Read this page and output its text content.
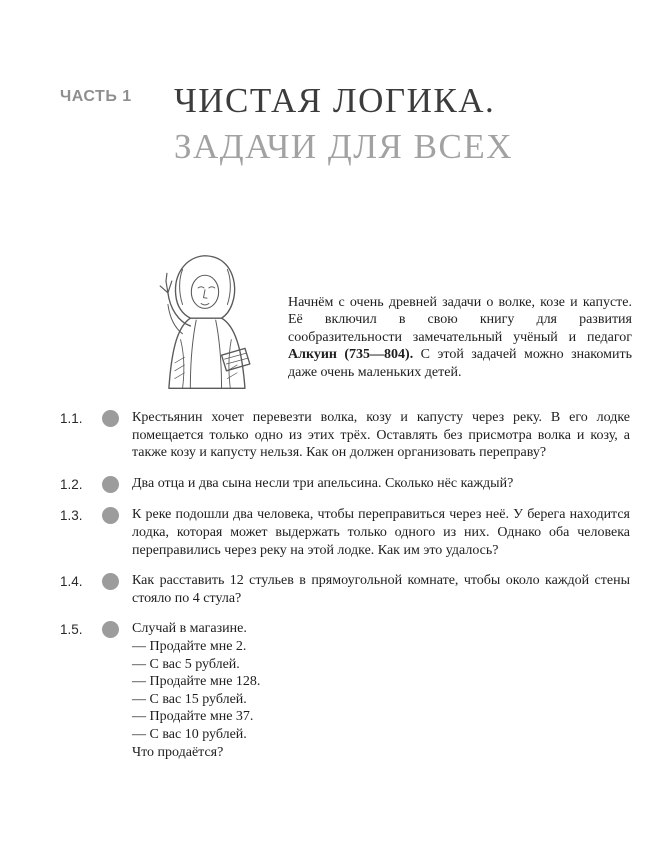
ЧАСТЬ 1 ЧИСТАЯ ЛОГИКА.
ЗАДАЧИ ДЛЯ ВСЕХ
Начнём с очень древней задачи о волке, козе и капусте. Её включил в свою книгу для развития сообразительности замечательный учёный и педагог Алкуин (735—804). С этой задачей можно знакомить даже очень маленьких детей.
1.1.	Крестьянин хочет перевезти волка, козу и капусту через реку. В его лодке помещается только одно из этих трёх. Оставлять без присмотра волка и козу, а также козу и капусту нельзя. Как он должен организовать переправу?
1.2.	Два отца и два сына несли три апельсина. Сколько нёс каждый?
1.3.	К реке подошли два человека, чтобы переправиться через неё. У берега находится лодка, которая может выдержать только одного из них. Однако оба человека переправились через реку на этой лодке. Как им это удалось?
1.4.	Как расставить 12 стульев в прямоугольной комнате, чтобы около каждой стены стояло по 4 стула?
1.5.	Случай в магазине.
— Продайте мне 2.
— С вас 5 рублей.
— Продайте мне 128.
— С вас 15 рублей.
— Продайте мне 37.
— С вас 10 рублей.
Что продаётся?
